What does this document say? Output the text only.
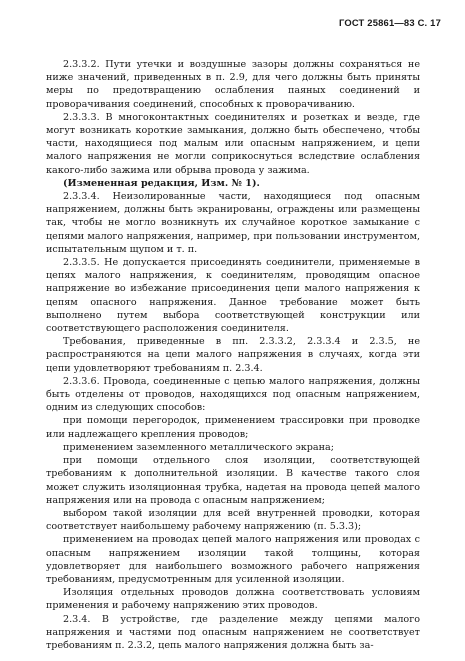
ГОСТ 25861—83 С. 17

2.3.3.2. Пути утечки и воздушные зазоры должны сохраняться не ниже значений, приведенных в п. 2.9, для чего должны быть приняты меры по предотвращению ослабления паяных соединений и проворачивания соединений, способных к проворачиванию.

2.3.3.3. В многоконтактных соединителях и розетках и везде, где могут возникать короткие замыкания, должно быть обеспечено, чтобы части, находящиеся под малым или опасным напряжением, и цепи малого напряжения не могли соприкоснуться вследствие ослабления какого-либо зажима или обрыва провода у зажима.

(Измененная редакция, Изм. № 1).

2.3.3.4. Неизолированные части, находящиеся под опасным напряжением, должны быть экранированы, ограждены или размещены так, чтобы не могло возникнуть их случайное короткое замыкание с цепями малого напряжения, например, при пользовании инструментом, испытательным щупом и т. п.

2.3.3.5. Не допускается присоединять соединители, применяемые в цепях малого напряжения, к соединителям, проводящим опасное напряжение во избежание присоединения цепи малого напряжения к цепям опасного напряжения. Данное требование может быть выполнено путем выбора соответствующей конструкции или соответствующего расположения соединителя.

Требования, приведенные в пп. 2.3.3.2, 2.3.3.4 и 2.3.5, не распространяются на цепи малого напряжения в случаях, когда эти цепи удовлетворяют требованиям п. 2.3.4.

2.3.3.6. Провода, соединенные с цепью малого напряжения, должны быть отделены от проводов, находящихся под опасным напряжением, одним из следующих способов:

при помощи перегородок, применением трассировки при проводке или надлежащего крепления проводов;

применением заземленного металлического экрана;

при помощи отдельного слоя изоляции, соответствующей требованиям к дополнительной изоляции. В качестве такого слоя может служить изоляционная трубка, надетая на провода цепей малого напряжения или на провода с опасным напряжением;

выбором такой изоляции для всей внутренней проводки, которая соответствует наибольшему рабочему напряжению (п. 5.3.3);

применением на проводах цепей малого напряжения или проводах с опасным напряжением изоляции такой толщины, которая удовлетворяет для наибольшего возможного рабочего напряжения требованиям, предусмотренным для усиленной изоляции.

Изоляция отдельных проводов должна соответствовать условиям применения и рабочему напряжению этих проводов.

2.3.4. В устройстве, где разделение между цепями малого напряжения и частями под опасным напряжением не соответствует требованиям п. 2.3.2, цепь малого напряжения должна быть за-
